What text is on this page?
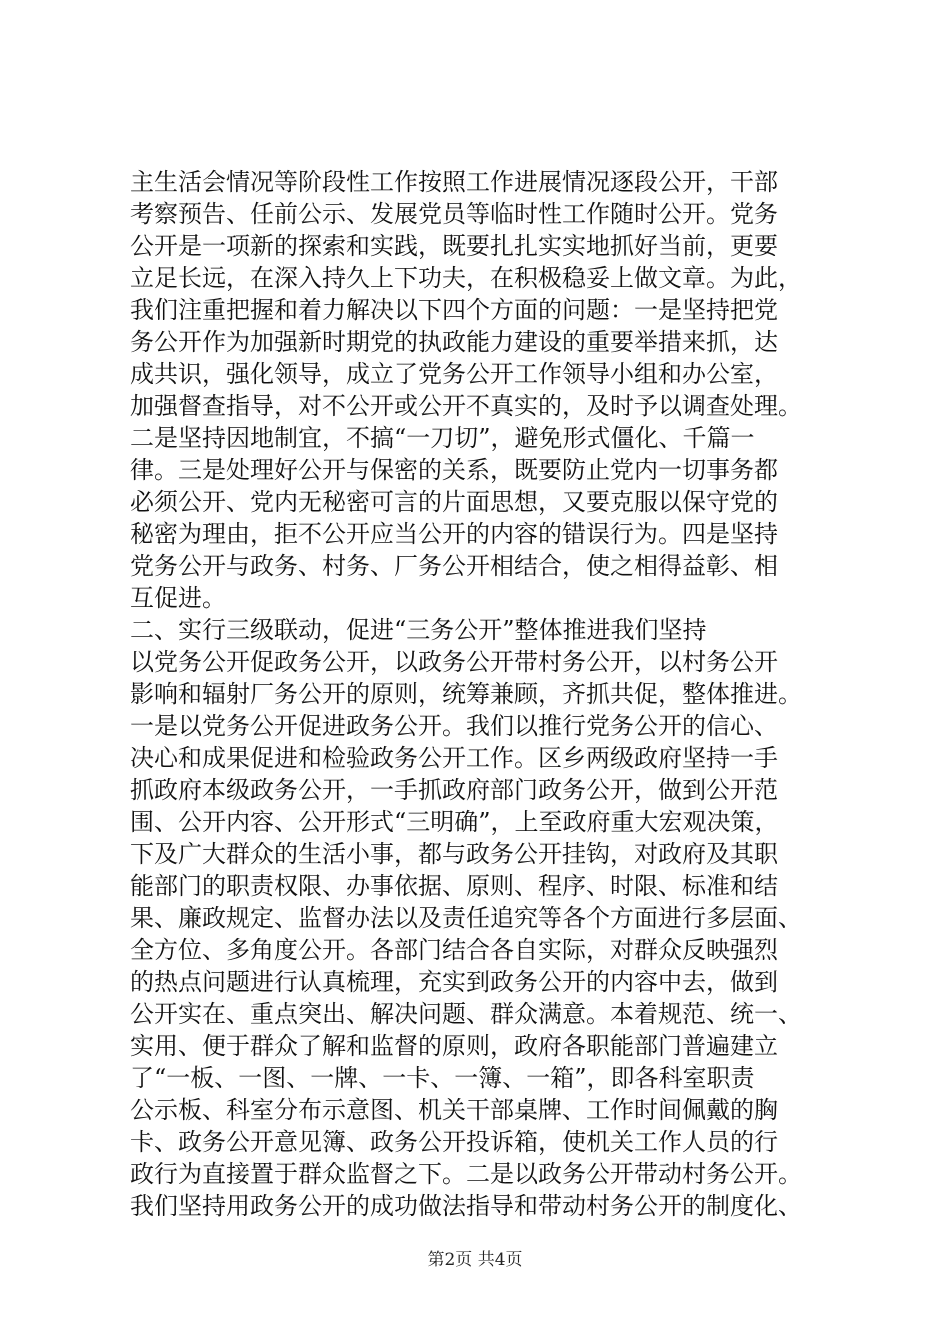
主生活会情况等阶段性工作按照工作进展情况逐段公开，干部
考察预告、任前公示、发展党员等临时性工作随时公开。党务
公开是一项新的探索和实践，既要扎扎实实地抓好当前，更要
立足长远，在深入持久上下功夫，在积极稳妥上做文章。为此，
我们注重把握和着力解决以下四个方面的问题：一是坚持把党
务公开作为加强新时期党的执政能力建设的重要举措来抓，达
成共识，强化领导，成立了党务公开工作领导小组和办公室，
加强督查指导，对不公开或公开不真实的，及时予以调查处理。
二是坚持因地制宜，不搞“一刀切”，避免形式僵化、千篇一
律。三是处理好公开与保密的关系，既要防止党内一切事务都
必须公开、党内无秘密可言的片面思想，又要克服以保守党的
秘密为理由，拒不公开应当公开的内容的错误行为。四是坚持
党务公开与政务、村务、厂务公开相结合，使之相得益彰、相
互促进。
二、实行三级联动，促进“三务公开”整体推进我们坚持
以党务公开促政务公开，以政务公开带村务公开，以村务公开
影响和辐射厂务公开的原则，统筹兼顾，齐抓共促，整体推进。
一是以党务公开促进政务公开。我们以推行党务公开的信心、
决心和成果促进和检验政务公开工作。区乡两级政府坚持一手
抓政府本级政务公开，一手抓政府部门政务公开，做到公开范
围、公开内容、公开形式“三明确”，上至政府重大宏观决策，
下及广大群众的生活小事，都与政务公开挂钩，对政府及其职
能部门的职责权限、办事依据、原则、程序、时限、标准和结
果、廉政规定、监督办法以及责任追究等各个方面进行多层面、
全方位、多角度公开。各部门结合各自实际，对群众反映强烈
的热点问题进行认真梳理，充实到政务公开的内容中去，做到
公开实在、重点突出、解决问题、群众满意。本着规范、统一、
实用、便于群众了解和监督的原则，政府各职能部门普遍建立
了“一板、一图、一牌、一卡、一簿、一箱”，即各科室职责
公示板、科室分布示意图、机关干部桌牌、工作时间佩戴的胸
卡、政务公开意见簿、政务公开投诉箱，使机关工作人员的行
政行为直接置于群众监督之下。二是以政务公开带动村务公开。
我们坚持用政务公开的成功做法指导和带动村务公开的制度化、
第2页 共4页
